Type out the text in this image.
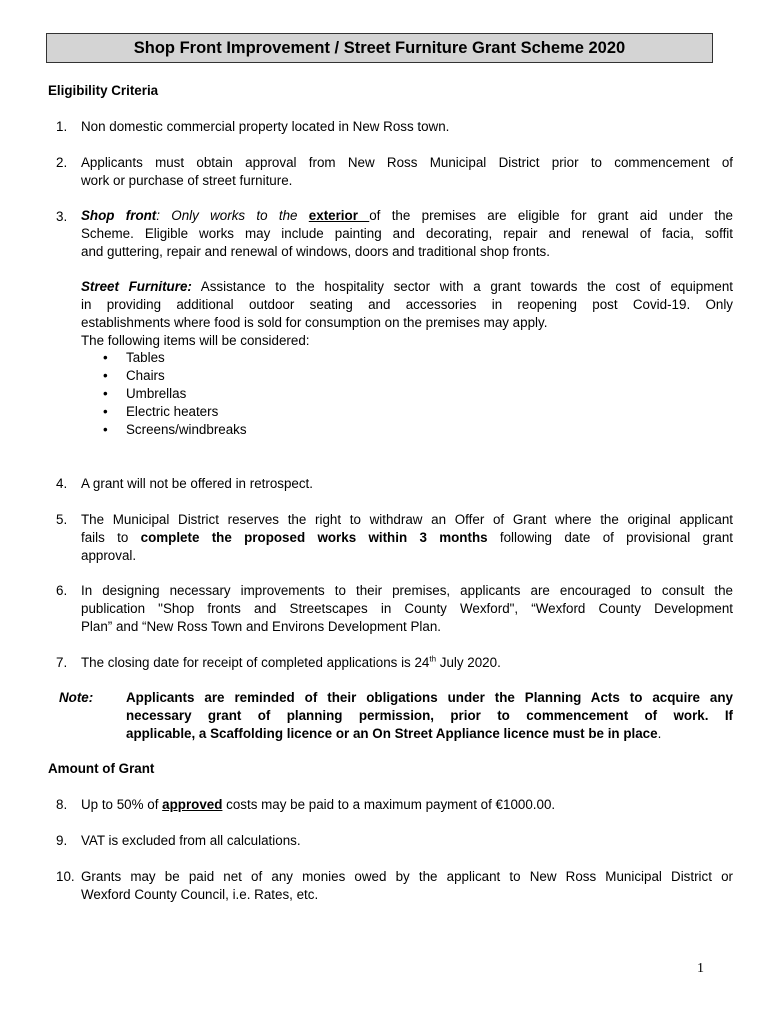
Shop Front Improvement / Street Furniture Grant Scheme 2020
Eligibility Criteria
1. Non domestic commercial property located in New Ross town.
2. Applicants must obtain approval from New Ross Municipal District prior to commencement of
work or purchase of street furniture.
3. Shop front: Only works to the exterior of the premises are eligible for grant aid under the
Scheme. Eligible works may include painting and decorating, repair and renewal of facia, soffit
and guttering, repair and renewal of windows, doors and traditional shop fronts.
Street Furniture: Assistance to the hospitality sector with a grant towards the cost of equipment
in providing additional outdoor seating and accessories in reopening post Covid-19. Only
establishments where food is sold for consumption on the premises may apply.
The following items will be considered:
• Tables
• Chairs
• Umbrellas
• Electric heaters
• Screens/windbreaks
4. A grant will not be offered in retrospect.
5. The Municipal District reserves the right to withdraw an Offer of Grant where the original applicant
fails to complete the proposed works within 3 months following date of provisional grant
approval.
6. In designing necessary improvements to their premises, applicants are encouraged to consult the
publication "Shop fronts and Streetscapes in County Wexford", “Wexford County Development
Plan” and “New Ross Town and Environs Development Plan.
7. The closing date for receipt of completed applications is 24th July 2020.
Note: Applicants are reminded of their obligations under the Planning Acts to acquire any
necessary grant of planning permission, prior to commencement of work. If
applicable, a Scaffolding licence or an On Street Appliance licence must be in place.
Amount of Grant
8. Up to 50% of approved costs may be paid to a maximum payment of €1000.00.
9. VAT is excluded from all calculations.
10. Grants may be paid net of any monies owed by the applicant to New Ross Municipal District or
Wexford County Council, i.e. Rates, etc.
1
